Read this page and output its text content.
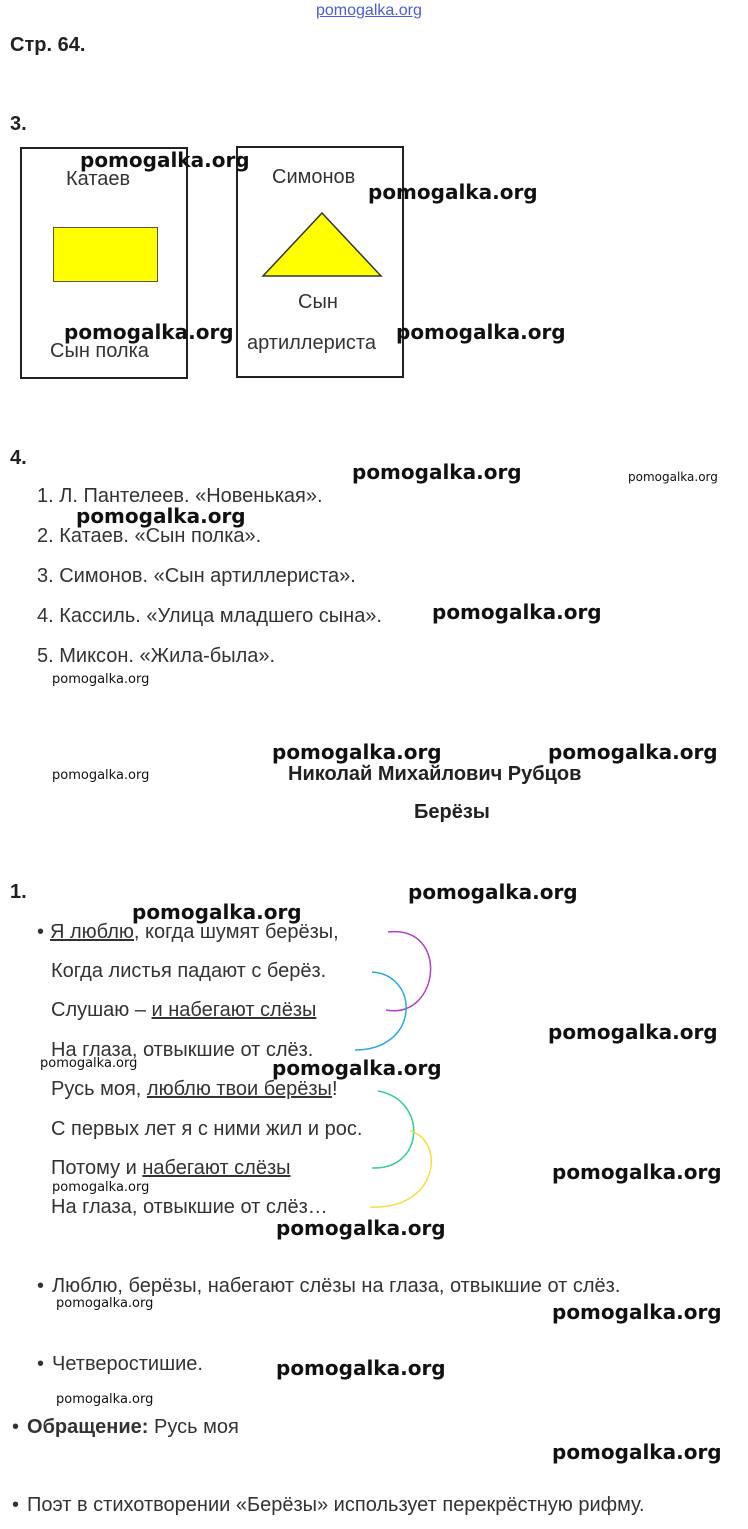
pomogalka.org
Стр. 64.
3.
Катаев
Сын полка
Симонов
Сын
артиллериста
4.
1. Л. Пантелеев. «Новенькая».
2. Катаев. «Сын полка».
3. Симонов. «Сын артиллериста».
4. Кассиль. «Улица младшего сына».
5. Миксон. «Жила-была».
Николай Михайлович Рубцов
Берёзы
1.
• Я люблю, когда шумят берёзы,
Когда листья падают с берёз.
Слушаю – и набегают слёзы
На глаза, отвыкшие от слёз.
Русь моя, люблю твои берёзы!
С первых лет я с ними жил и рос.
Потому и набегают слёзы
На глаза, отвыкшие от слёз…
• Люблю, берёзы, набегают слёзы на глаза, отвыкшие от слёз.
• Четверостишие.
• Обращение: Русь моя
• Поэт в стихотворении «Берёзы» использует перекрёстную рифму.
pomogalka.org
pomogalka.org
pomogalka.org	pomogalka.org
pomogalka.org
pomogalka.org
pomogalka.org
pomogalka.org	pomogalka.org
pomogalka.org
pomogalka.org
pomogalka.org
pomogalka.org
pomogalka.org
pomogalka.org
pomogalka.org
pomogalka.org
pomogalka.org
pomogalka.org
pomogalka.org
pomogalka.org
pomogalka.org
pomogalka.org
pomogalka.org
pomogalka.org
